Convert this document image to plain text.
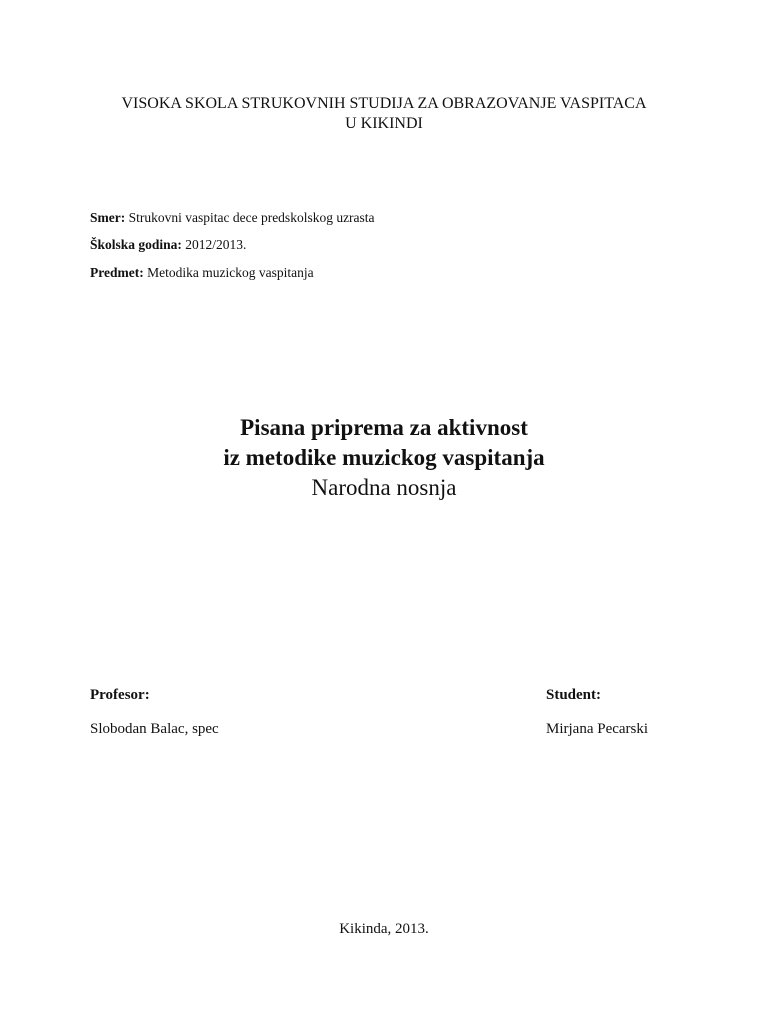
VISOKA SKOLA STRUKOVNIH STUDIJA ZA OBRAZOVANJE VASPITACA
U KIKINDI
Smer: Strukovni vaspitac dece predskolskog uzrasta
Školska godina: 2012/2013.
Predmet: Metodika muzickog vaspitanja
Pisana priprema za aktivnost
iz metodike muzickog vaspitanja
Narodna nosnja
Profesor:
Slobodan Balac, spec
Student:
Mirjana Pecarski
Kikinda, 2013.
